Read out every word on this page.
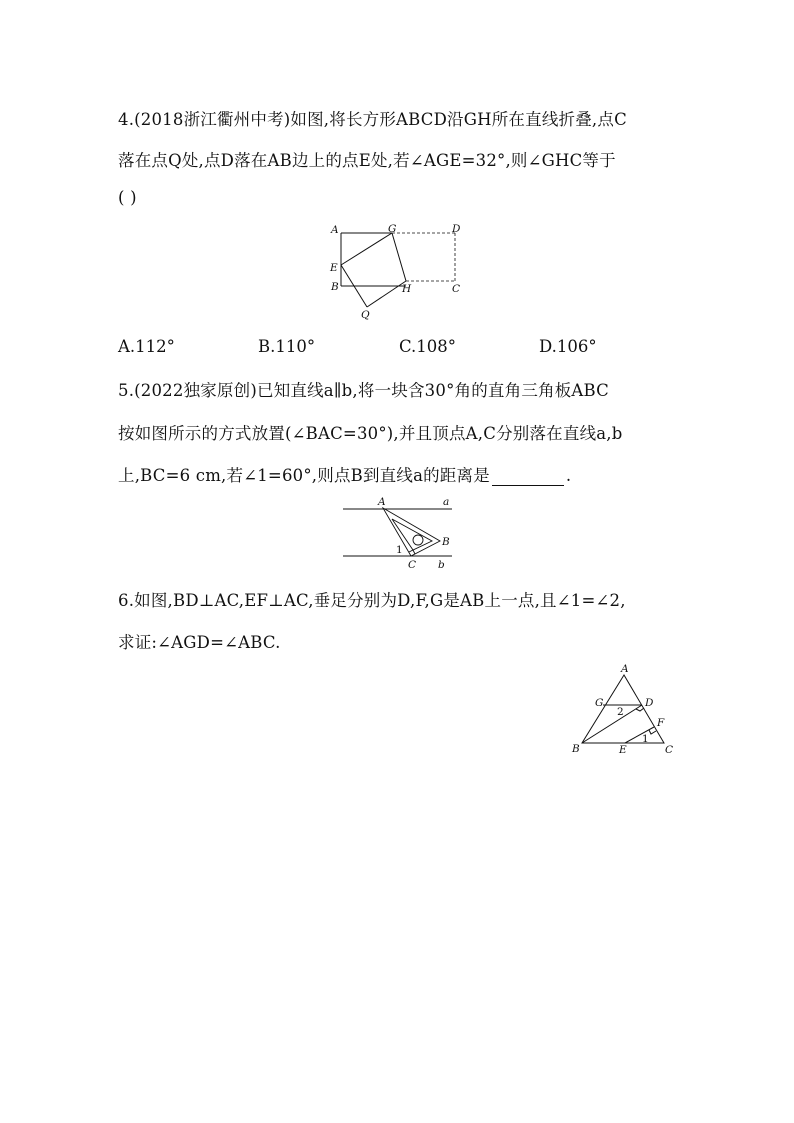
4.(2018浙江衢州中考)如图,将长方形ABCD沿GH所在直线折叠,点C
落在点Q处,点D落在AB边上的点E处,若∠AGE=32°,则∠GHC等于
( )
A	G	D
E
B	H	C
Q
A.112°	B.110°	C.108°	D.106°
5.(2022独家原创)已知直线a∥b,将一块含30°角的直角三角板ABC
按如图所示的方式放置(∠BAC=30°),并且顶点A,C分别落在直线a,b
上,BC=6 cm,若∠1=60°,则点B到直线a的距离是	.
A	a
B
1
C b
6.如图,BD⊥AC,EF⊥AC,垂足分别为D,F,G是AB上一点,且∠1=∠2,
求证:∠AGD=∠ABC.
A
G	D
2
F
B	E
1
C
